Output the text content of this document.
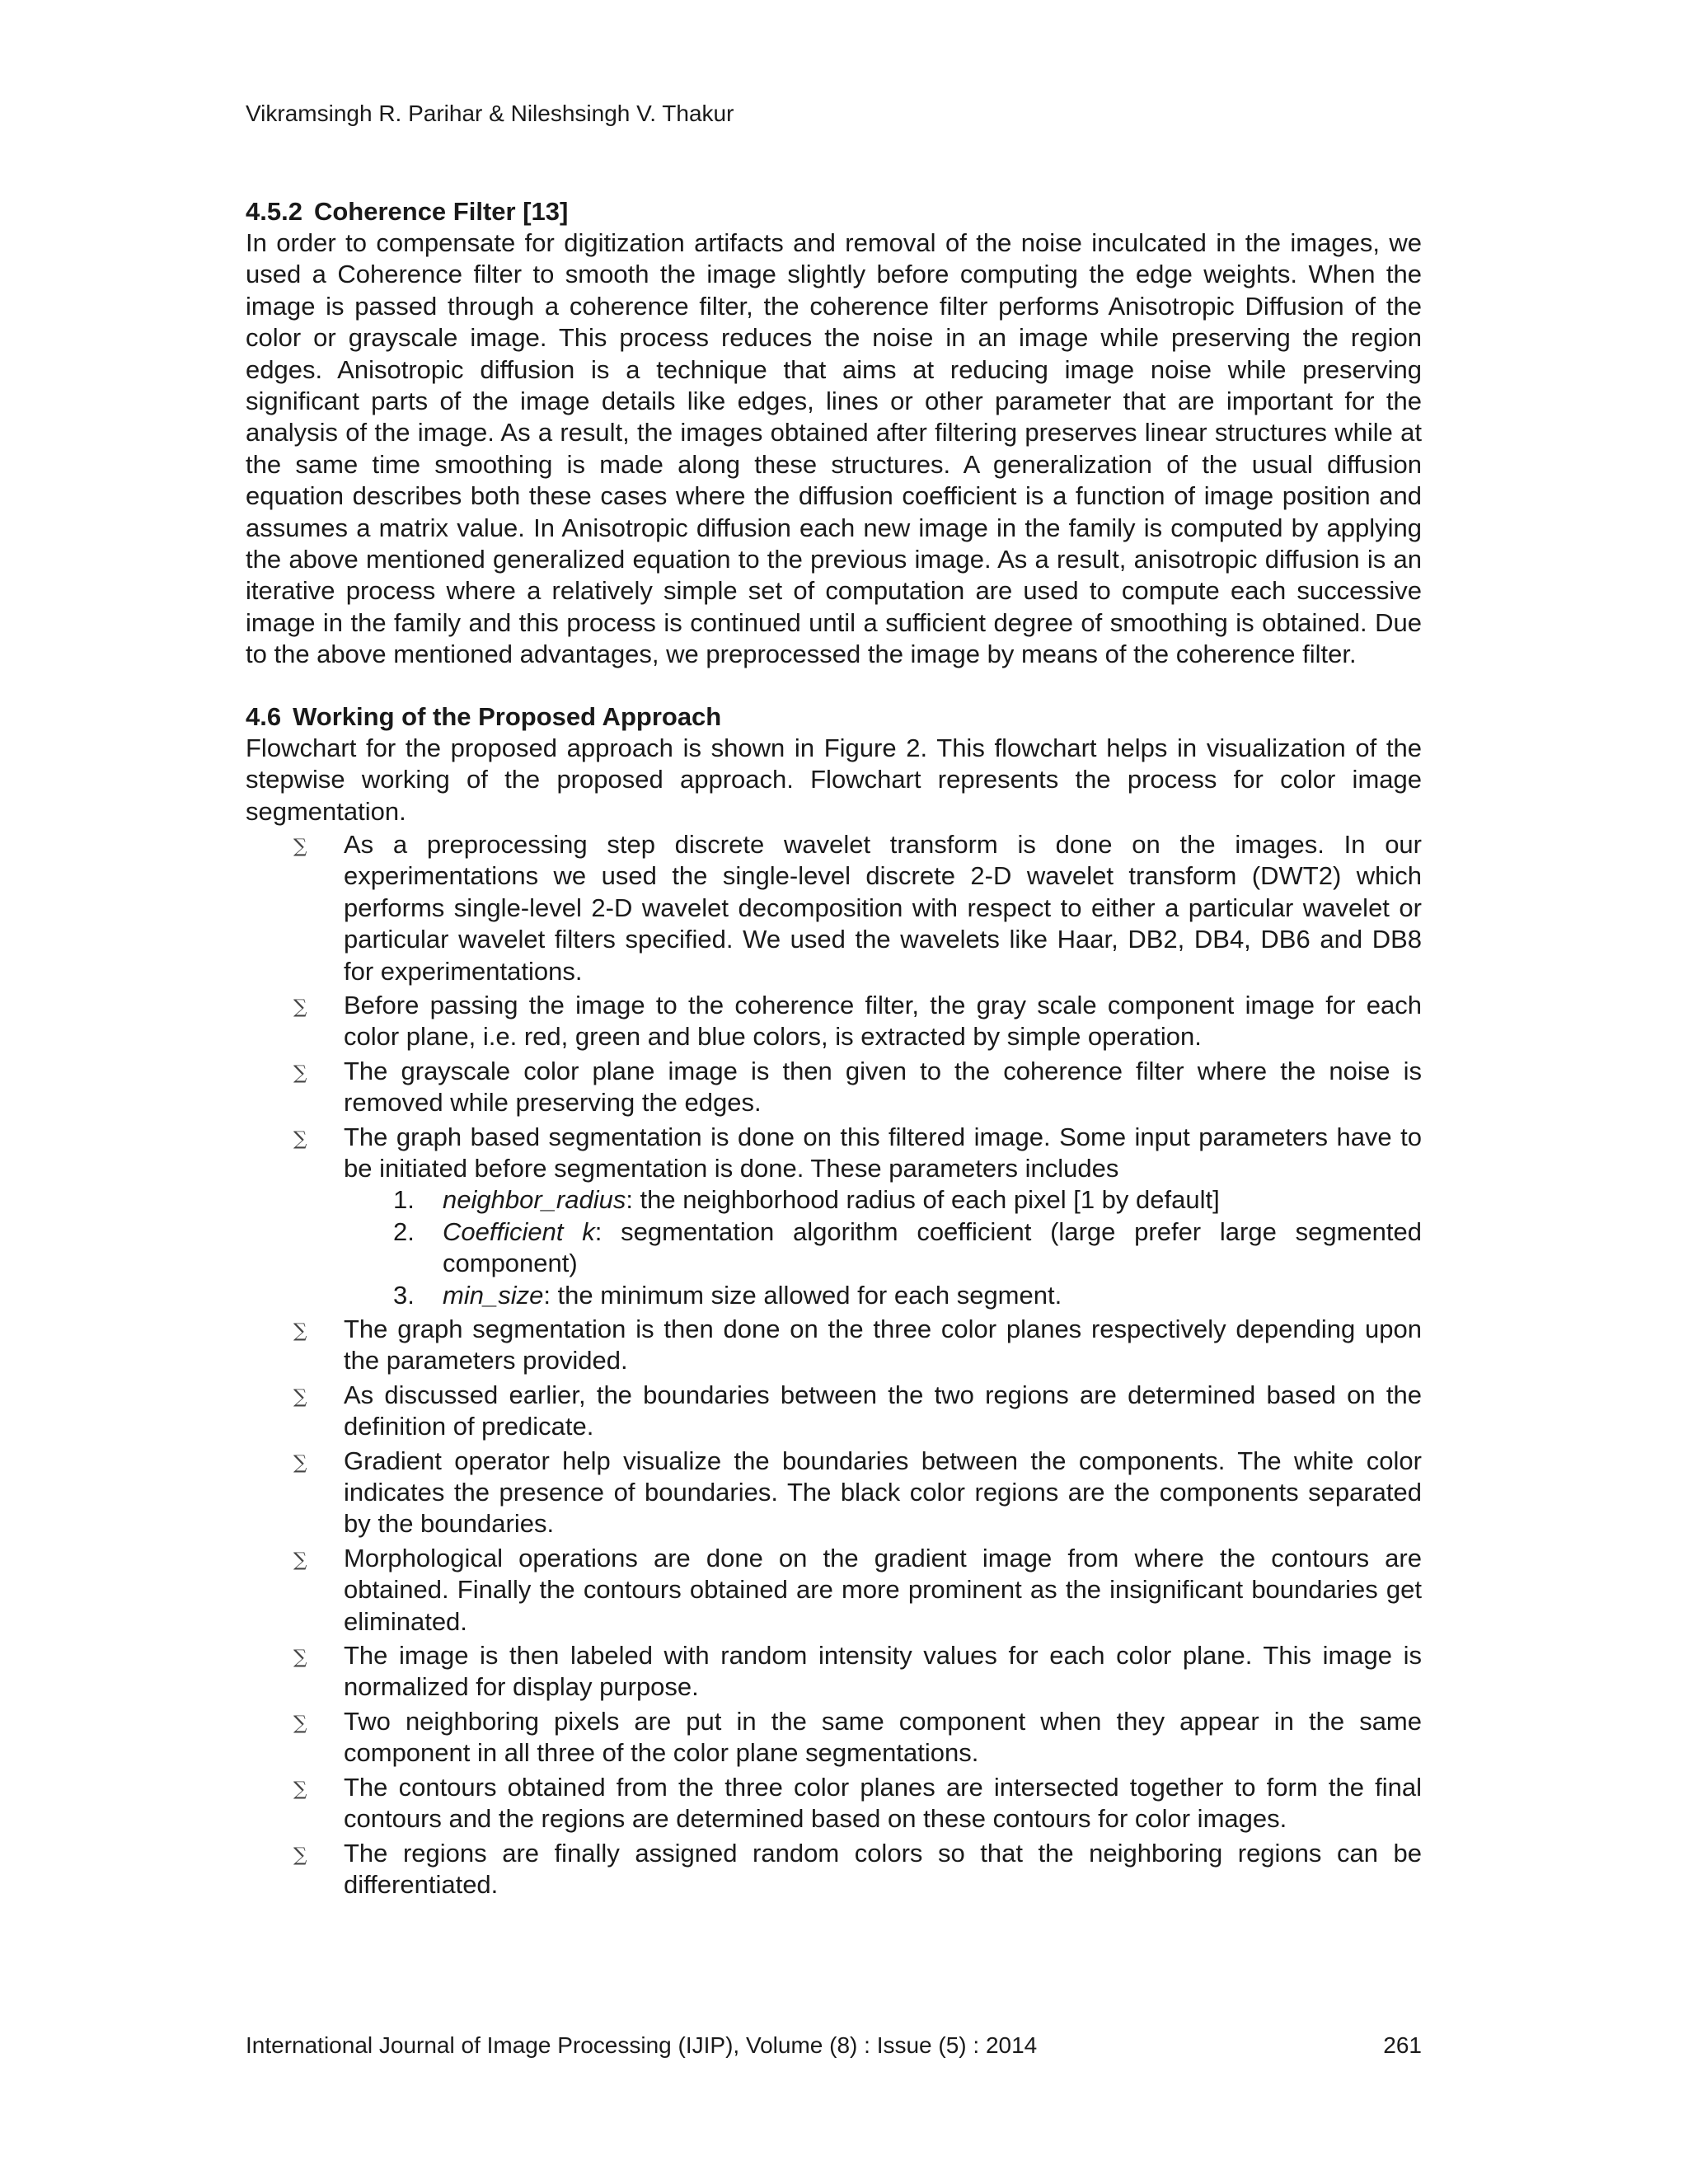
Vikramsingh R. Parihar & Nileshsingh V. Thakur
4.5.2 Coherence Filter [13]

In order to compensate for digitization artifacts and removal of the noise inculcated in the images, we used a Coherence filter to smooth the image slightly before computing the edge weights. When the image is passed through a coherence filter, the coherence filter performs Anisotropic Diffusion of the color or grayscale image. This process reduces the noise in an image while preserving the region edges. Anisotropic diffusion is a technique that aims at reducing image noise while preserving significant parts of the image details like edges, lines or other parameter that are important for the analysis of the image. As a result, the images obtained after filtering preserves linear structures while at the same time smoothing is made along these structures. A generalization of the usual diffusion equation describes both these cases where the diffusion coefficient is a function of image position and assumes a matrix value. In Anisotropic diffusion each new image in the family is computed by applying the above mentioned generalized equation to the previous image. As a result, anisotropic diffusion is an iterative process where a relatively simple set of computation are used to compute each successive image in the family and this process is continued until a sufficient degree of smoothing is obtained. Due to the above mentioned advantages, we preprocessed the image by means of the coherence filter.

4.6 Working of the Proposed Approach

Flowchart for the proposed approach is shown in Figure 2. This flowchart helps in visualization of the stepwise working of the proposed approach. Flowchart represents the process for color image segmentation.

∑ As a preprocessing step discrete wavelet transform is done on the images. In our experimentations we used the single-level discrete 2-D wavelet transform (DWT2) which performs single-level 2-D wavelet decomposition with respect to either a particular wavelet or particular wavelet filters specified. We used the wavelets like Haar, DB2, DB4, DB6 and DB8 for experimentations.
∑ Before passing the image to the coherence filter, the gray scale component image for each color plane, i.e. red, green and blue colors, is extracted by simple operation.
∑ The grayscale color plane image is then given to the coherence filter where the noise is removed while preserving the edges.
∑ The graph based segmentation is done on this filtered image. Some input parameters have to be initiated before segmentation is done. These parameters includes
1. neighbor_radius: the neighborhood radius of each pixel [1 by default]
2. Coefficient k: segmentation algorithm coefficient (large prefer large segmented component)
3. min_size: the minimum size allowed for each segment.
∑ The graph segmentation is then done on the three color planes respectively depending upon the parameters provided.
∑ As discussed earlier, the boundaries between the two regions are determined based on the definition of predicate.
∑ Gradient operator help visualize the boundaries between the components. The white color indicates the presence of boundaries. The black color regions are the components separated by the boundaries.
∑ Morphological operations are done on the gradient image from where the contours are obtained. Finally the contours obtained are more prominent as the insignificant boundaries get eliminated.
∑ The image is then labeled with random intensity values for each color plane. This image is normalized for display purpose.
∑ Two neighboring pixels are put in the same component when they appear in the same component in all three of the color plane segmentations.
∑ The contours obtained from the three color planes are intersected together to form the final contours and the regions are determined based on these contours for color images.
∑ The regions are finally assigned random colors so that the neighboring regions can be differentiated.
International Journal of Image Processing (IJIP), Volume (8) : Issue (5) : 2014	261
